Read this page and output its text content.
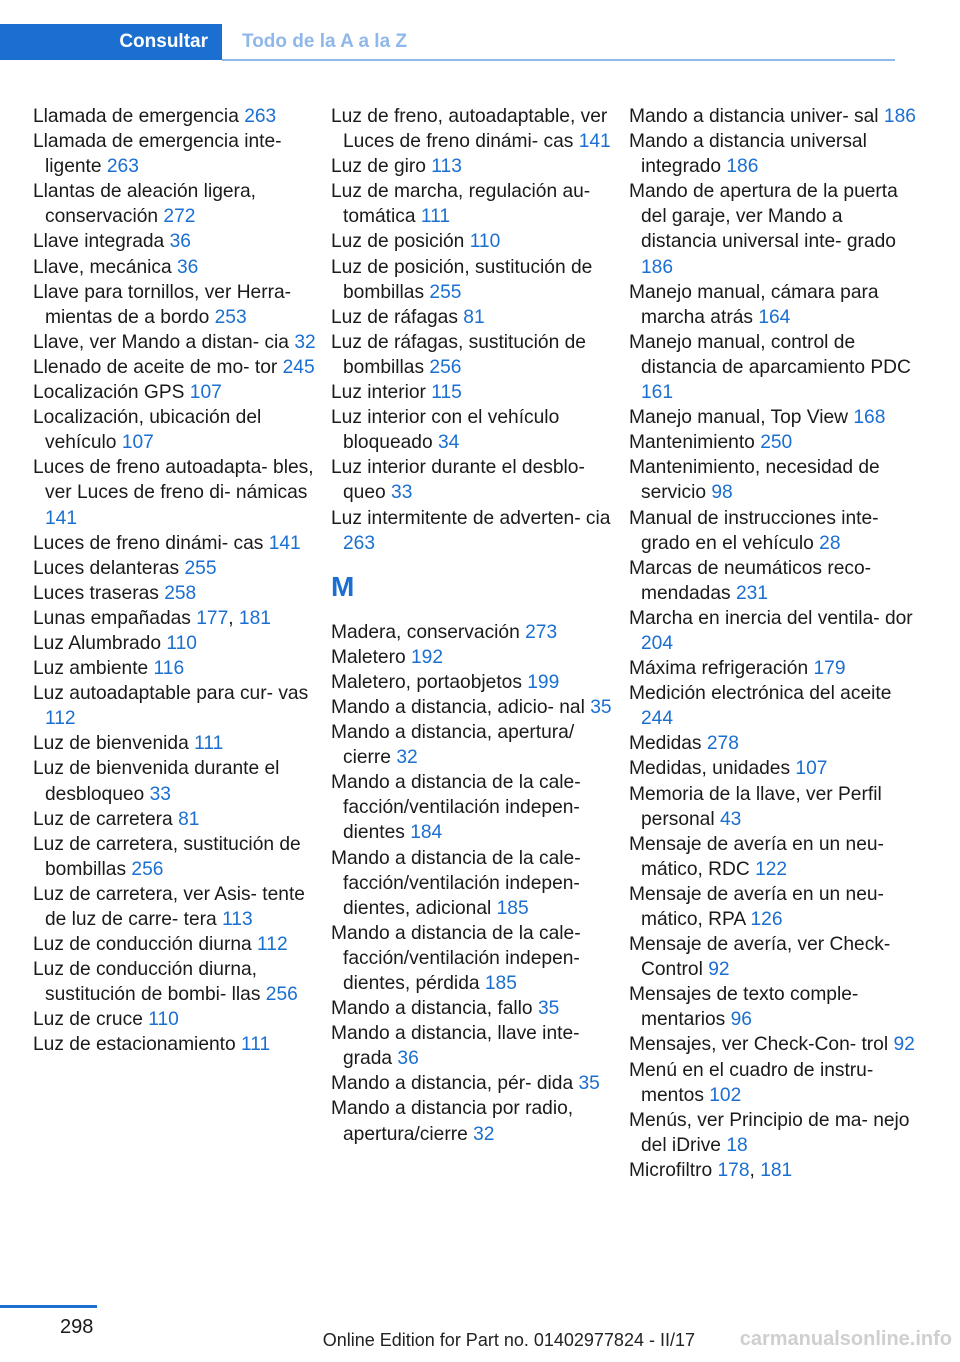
Consultar	Todo de la A a la Z
Llamada de emergencia 263
Llamada de emergencia inte- ligente 263
Llantas de aleación ligera, conservación 272
Llave integrada 36
Llave, mecánica 36
Llave para tornillos, ver Herra- mientas de a bordo 253
Llave, ver Mando a distan- cia 32
Llenado de aceite de mo- tor 245
Localización GPS 107
Localización, ubicación del vehículo 107
Luces de freno autoadapta- bles, ver Luces de freno di- námicas 141
Luces de freno dinámi- cas 141
Luces delanteras 255
Luces traseras 258
Lunas empañadas 177, 181
Luz Alumbrado 110
Luz ambiente 116
Luz autoadaptable para cur- vas 112
Luz de bienvenida 111
Luz de bienvenida durante el desbloqueo 33
Luz de carretera 81
Luz de carretera, sustitución de bombillas 256
Luz de carretera, ver Asis- tente de luz de carre- tera 113
Luz de conducción diurna 112
Luz de conducción diurna, sustitución de bombi- llas 256
Luz de cruce 110
Luz de estacionamiento 111
Luz de freno, autoadaptable, ver Luces de freno dinámi- cas 141
Luz de giro 113
Luz de marcha, regulación au- tomática 111
Luz de posición 110
Luz de posición, sustitución de bombillas 255
Luz de ráfagas 81
Luz de ráfagas, sustitución de bombillas 256
Luz interior 115
Luz interior con el vehículo bloqueado 34
Luz interior durante el desblo- queo 33
Luz intermitente de adverten- cia 263
M
Madera, conservación 273
Maletero 192
Maletero, portaobjetos 199
Mando a distancia, adicio- nal 35
Mando a distancia, apertura/ cierre 32
Mando a distancia de la cale- facción/ventilación indepen- dientes 184
Mando a distancia de la cale- facción/ventilación indepen- dientes, adicional 185
Mando a distancia de la cale- facción/ventilación indepen- dientes, pérdida 185
Mando a distancia, fallo 35
Mando a distancia, llave inte- grada 36
Mando a distancia, pér- dida 35
Mando a distancia por radio, apertura/cierre 32
Mando a distancia univer- sal 186
Mando a distancia universal integrado 186
Mando de apertura de la puerta del garaje, ver Mando a distancia universal inte- grado 186
Manejo manual, cámara para marcha atrás 164
Manejo manual, control de distancia de aparcamiento PDC 161
Manejo manual, Top View 168
Mantenimiento 250
Mantenimiento, necesidad de servicio 98
Manual de instrucciones inte- grado en el vehículo 28
Marcas de neumáticos reco- mendadas 231
Marcha en inercia del ventila- dor 204
Máxima refrigeración 179
Medición electrónica del aceite 244
Medidas 278
Medidas, unidades 107
Memoria de la llave, ver Perfil personal 43
Mensaje de avería en un neu- mático, RDC 122
Mensaje de avería en un neu- mático, RPA 126
Mensaje de avería, ver Check-Control 92
Mensajes de texto comple- mentarios 96
Mensajes, ver Check-Con- trol 92
Menú en el cuadro de instru- mentos 102
Menús, ver Principio de ma- nejo del iDrive 18
Microfiltro 178, 181
298
Online Edition for Part no. 01402977824 - II/17 carmanualsonline.info
